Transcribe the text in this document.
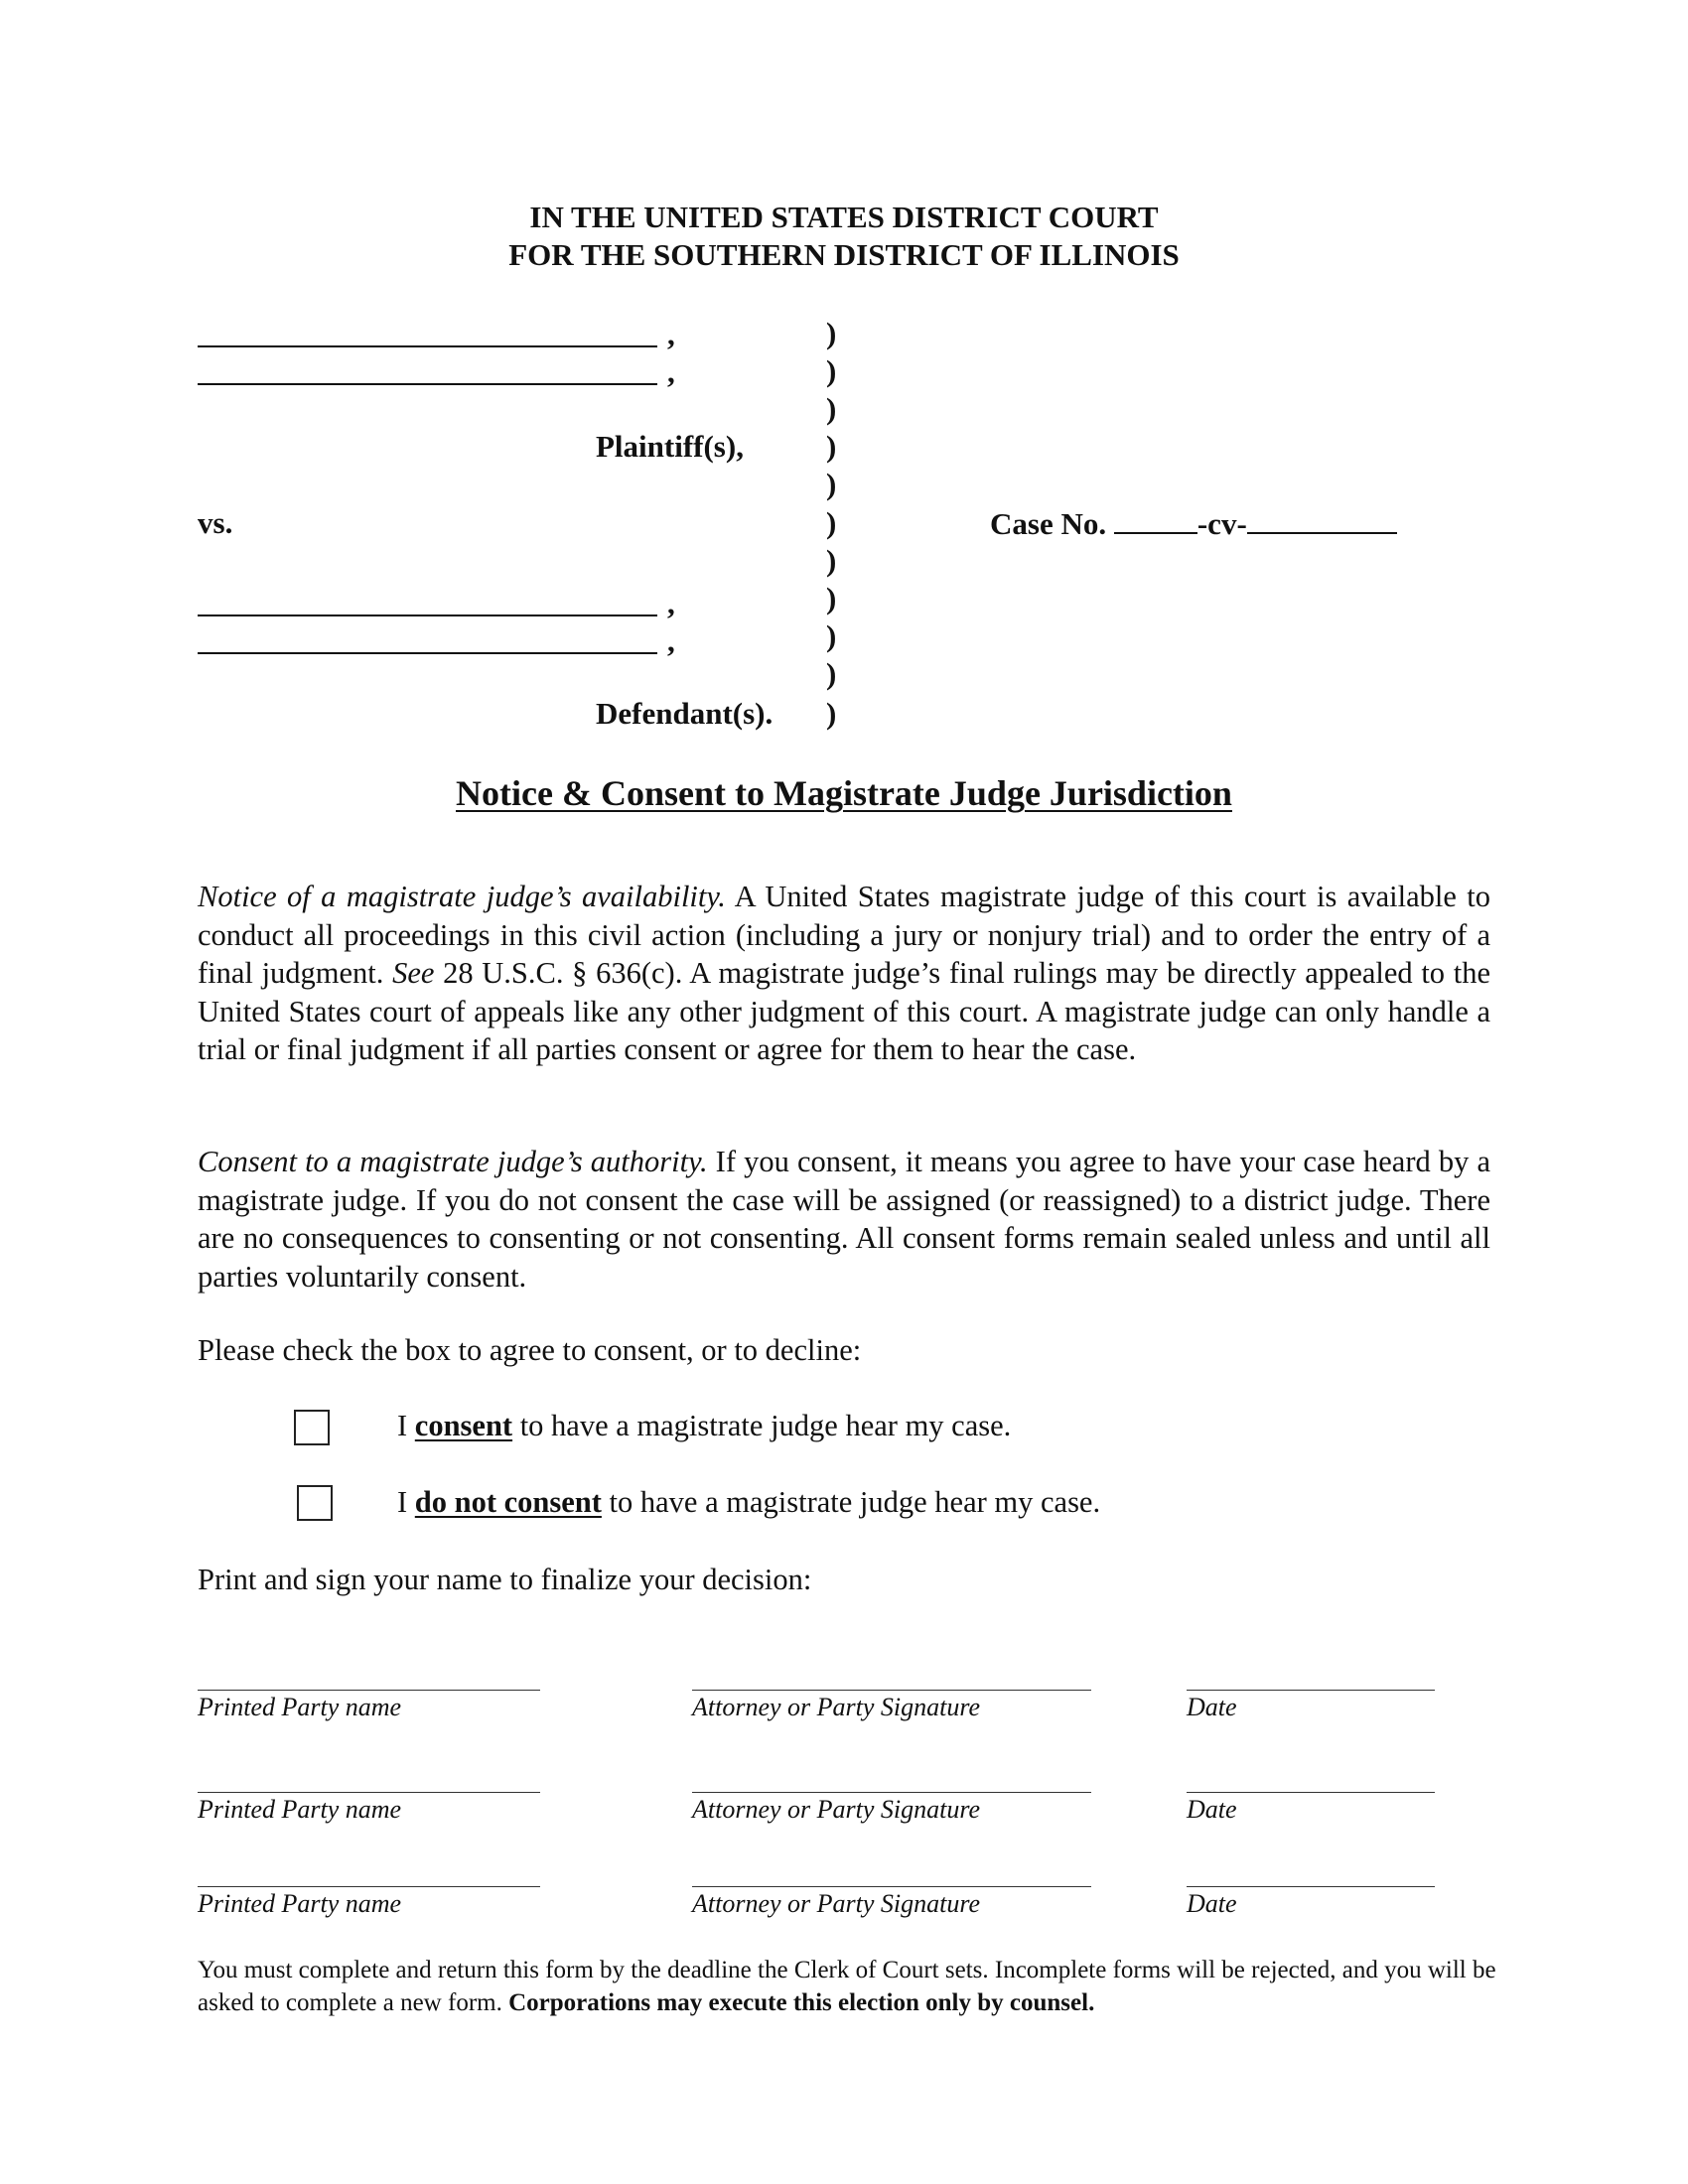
IN THE UNITED STATES DISTRICT COURT
FOR THE SOUTHERN DISTRICT OF ILLINOIS
,
,
Plaintiff(s),
vs.
,
,
Defendant(s).
)
)
)
)
)
)
)
)
)
)
)
Case No.	-cv-
Notice & Consent to Magistrate Judge Jurisdiction
Notice of a magistrate judge’s availability. A United States magistrate judge of this court is available to conduct all proceedings in this civil action (including a jury or nonjury trial) and to order the entry of a final judgment. See 28 U.S.C. § 636(c). A magistrate judge’s final rulings may be directly appealed to the United States court of appeals like any other judgment of this court. A magistrate judge can only handle a trial or final judgment if all parties consent or agree for them to hear the case.
Consent to a magistrate judge’s authority. If you consent, it means you agree to have your case heard by a magistrate judge. If you do not consent the case will be assigned (or reassigned) to a district judge. There are no consequences to consenting or not consenting. All consent forms remain sealed unless and until all parties voluntarily consent.
Please check the box to agree to consent, or to decline:
I consent to have a magistrate judge hear my case.
I do not consent to have a magistrate judge hear my case.
Print and sign your name to finalize your decision:
Printed Party name	Attorney or Party Signature	Date
Printed Party name	Attorney or Party Signature	Date
Printed Party name	Attorney or Party Signature	Date
You must complete and return this form by the deadline the Clerk of Court sets. Incomplete forms will be rejected, and you will be asked to complete a new form. Corporations may execute this election only by counsel.
